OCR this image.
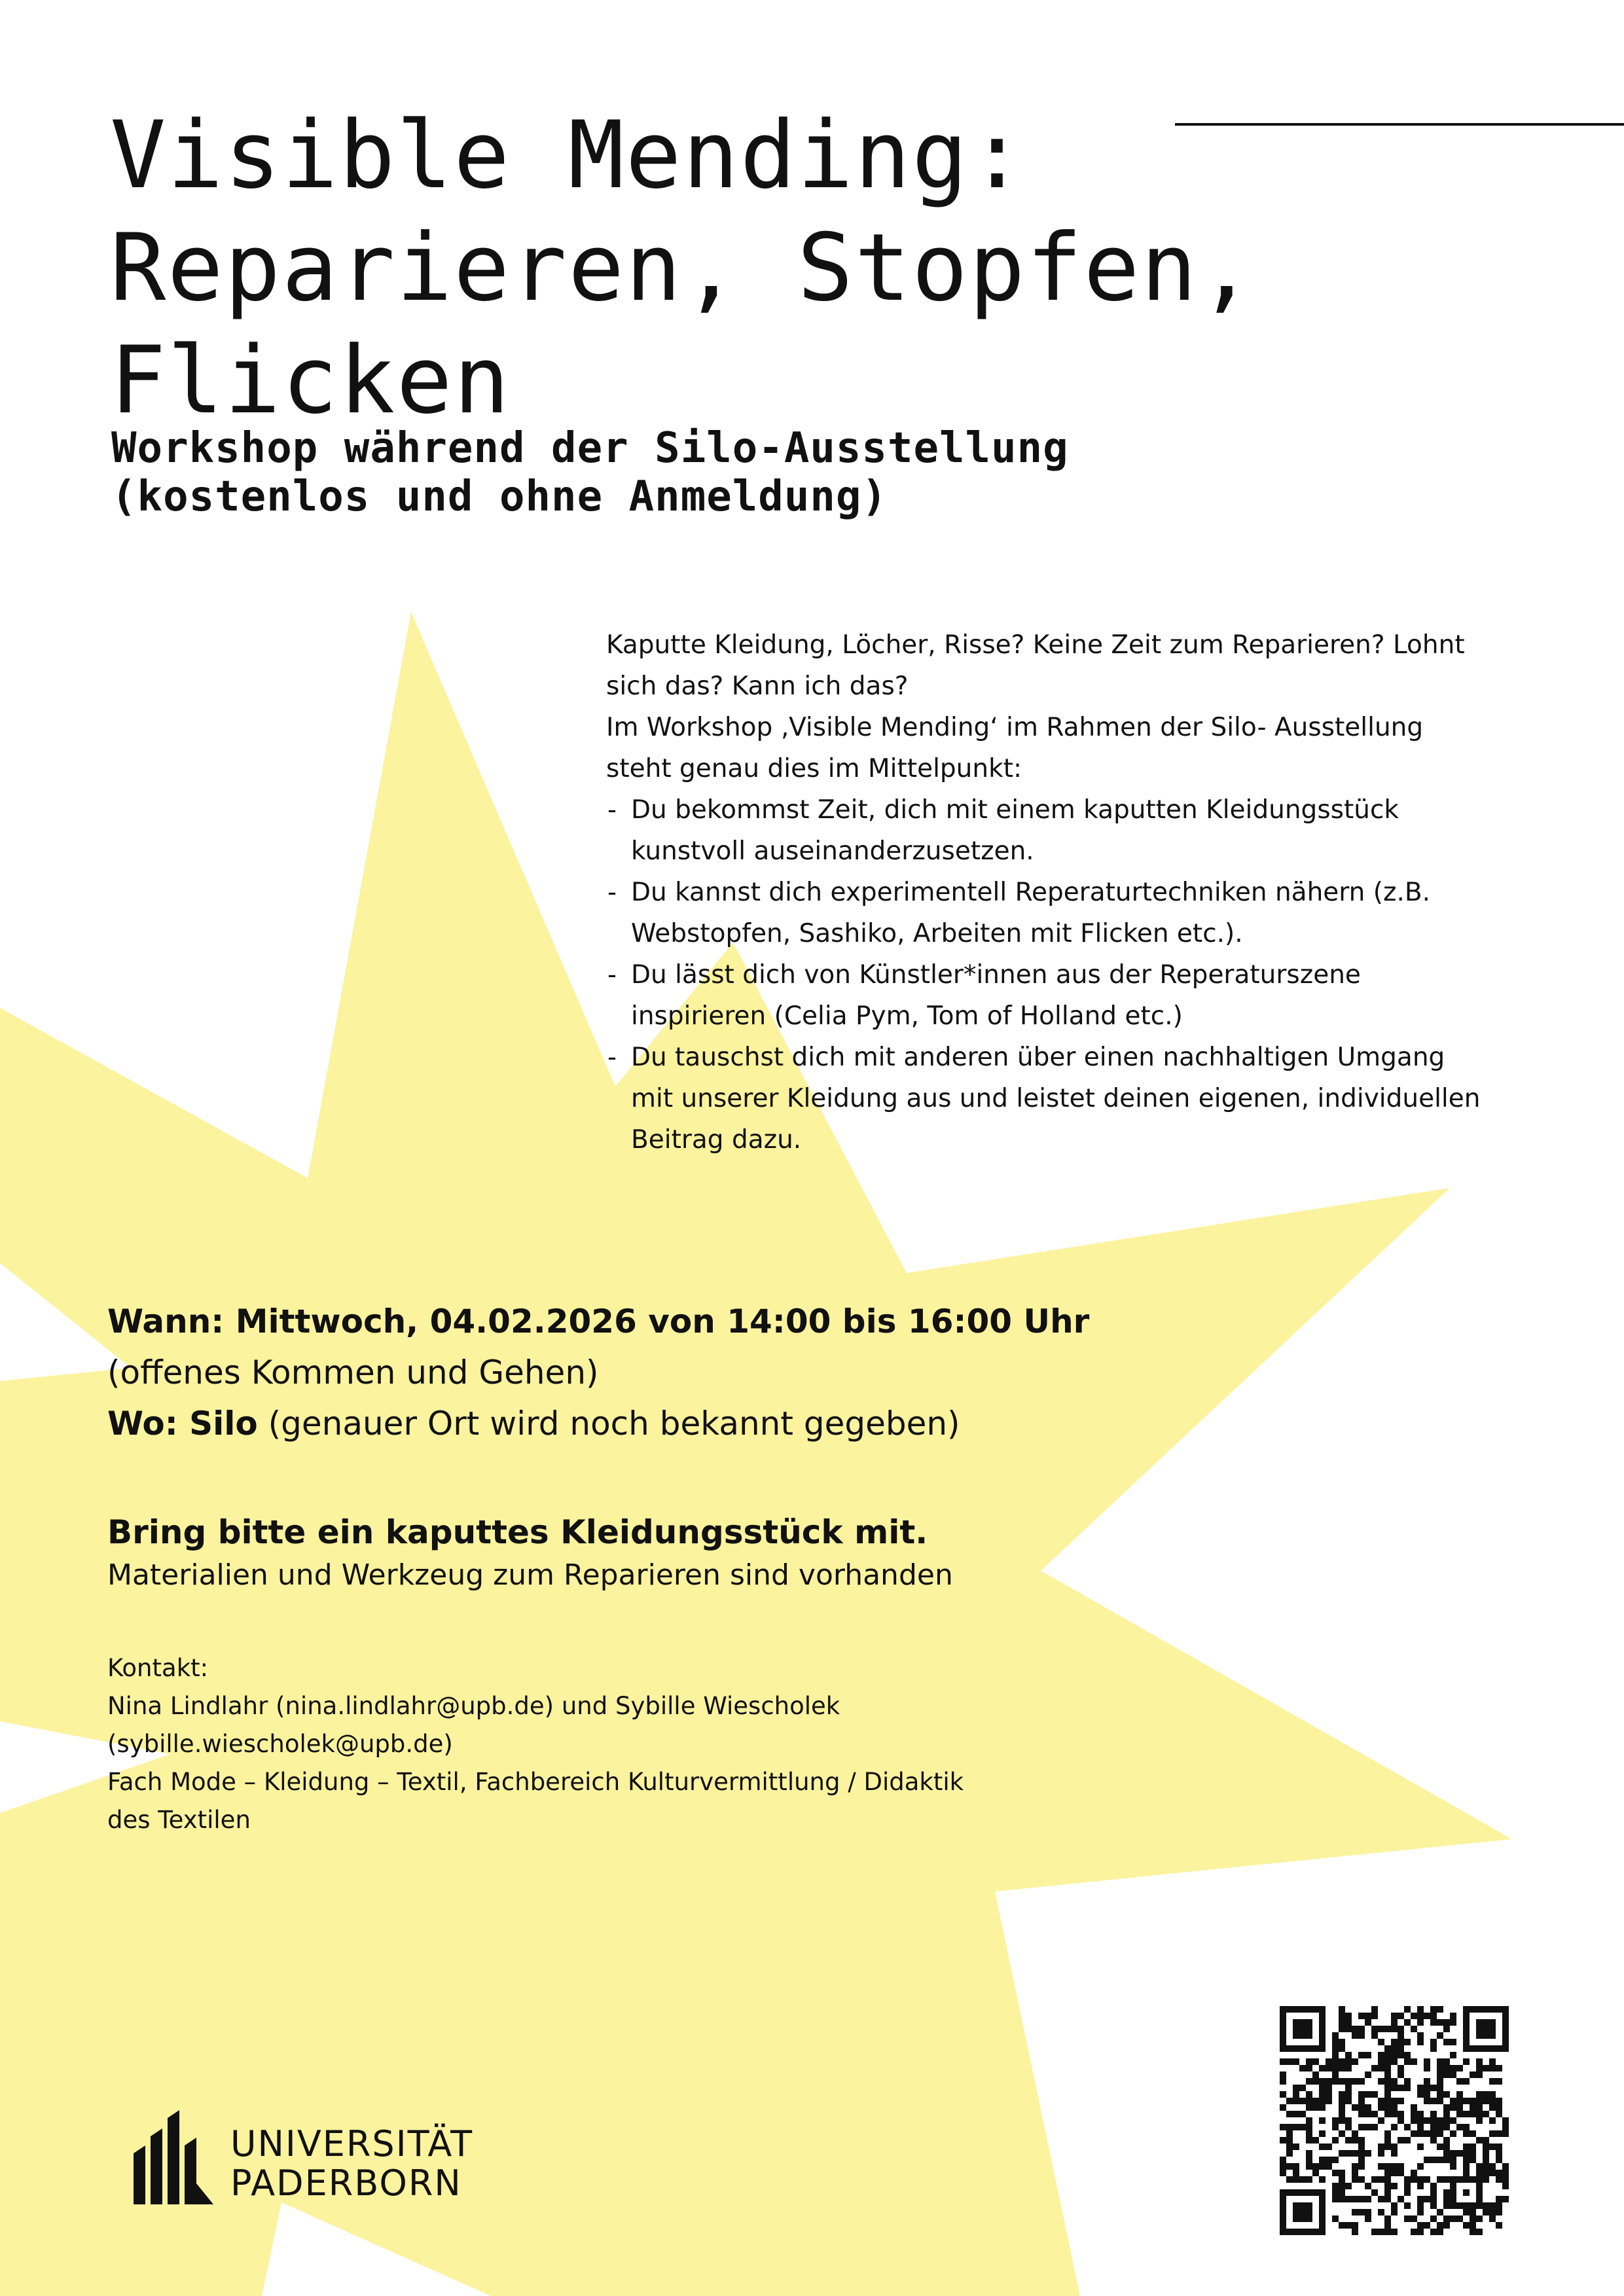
Visible Mending:
Reparieren, Stopfen,
Flicken
Workshop während der Silo-Ausstellung
(kostenlos und ohne Anmeldung)

Kaputte Kleidung, Löcher, Risse? Keine Zeit zum Reparieren? Lohnt
sich das? Kann ich das?

Im Workshop ‚Visible Mending‘ im Rahmen der Silo- Ausstellung
steht genau dies im Mittelpunkt:

- Du bekommst Zeit, dich mit einem kaputten Kleidungsstück
kunstvoll auseinanderzusetzen.
- Du kannst dich experimentell Reperaturtechniken nähern (z.B.
Webstopfen, Sashiko, Arbeiten mit Flicken etc.).
- Du lässt dich von Künstler*innen aus der Reperaturszene
inspirieren (Celia Pym, Tom of Holland etc.)
- Du tauschst dich mit anderen über einen nachhaltigen Umgang
mit unserer Kleidung aus und leistet deinen eigenen, individuellen
Beitrag dazu.
Wann: Mittwoch, 04.02.2026 von 14:00 bis 16:00 Uhr
(offenes Kommen und Gehen)
Wo: Silo (genauer Ort wird noch bekannt gegeben)
Bring bitte ein kaputtes Kleidungsstück mit.
Materialien und Werkzeug zum Reparieren sind vorhanden
Kontakt:
Nina Lindlahr (nina.lindlahr@upb.de) und Sybille Wiescholek
(sybille.wiescholek@upb.de)
Fach Mode – Kleidung – Textil, Fachbereich Kulturvermittlung / Didaktik
des Textilen
UNIVERSITÄT
PADERBORN
